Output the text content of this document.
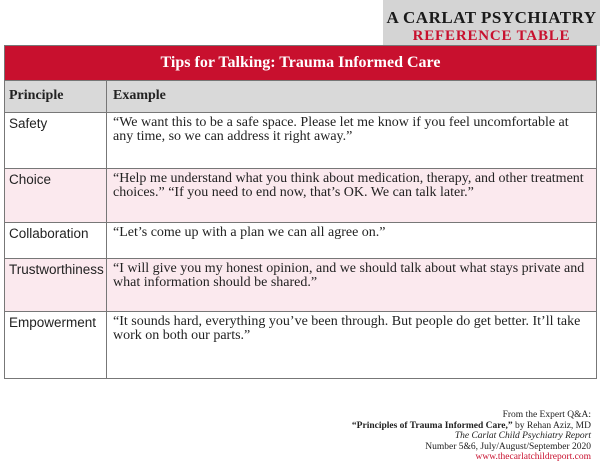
A CARLAT PSYCHIATRY
REFERENCE TABLE
Tips for Talking: Trauma Informed Care
Principle	Example
Safety	“We want this to be a safe space. Please let me know if you feel uncomfortable at any time, so we can address it right away.”
Choice	“Help me understand what you think about medication, therapy, and other treatment choices.” “If you need to end now, that’s OK. We can talk later.”
Collaboration	“Let’s come up with a plan we can all agree on.”
Trustworthiness “I will give you my honest opinion, and we should talk about what stays private and what information should be shared.”
Empowerment	“It sounds hard, everything you’ve been through. But people do get better. It’ll take work on both our parts.”
From the Expert Q&A:
“Principles of Trauma Informed Care,” by Rehan Aziz, MD
The Carlat Child Psychiatry Report
Number 5&6, July/August/September 2020
www.thecarlatchildreport.com
